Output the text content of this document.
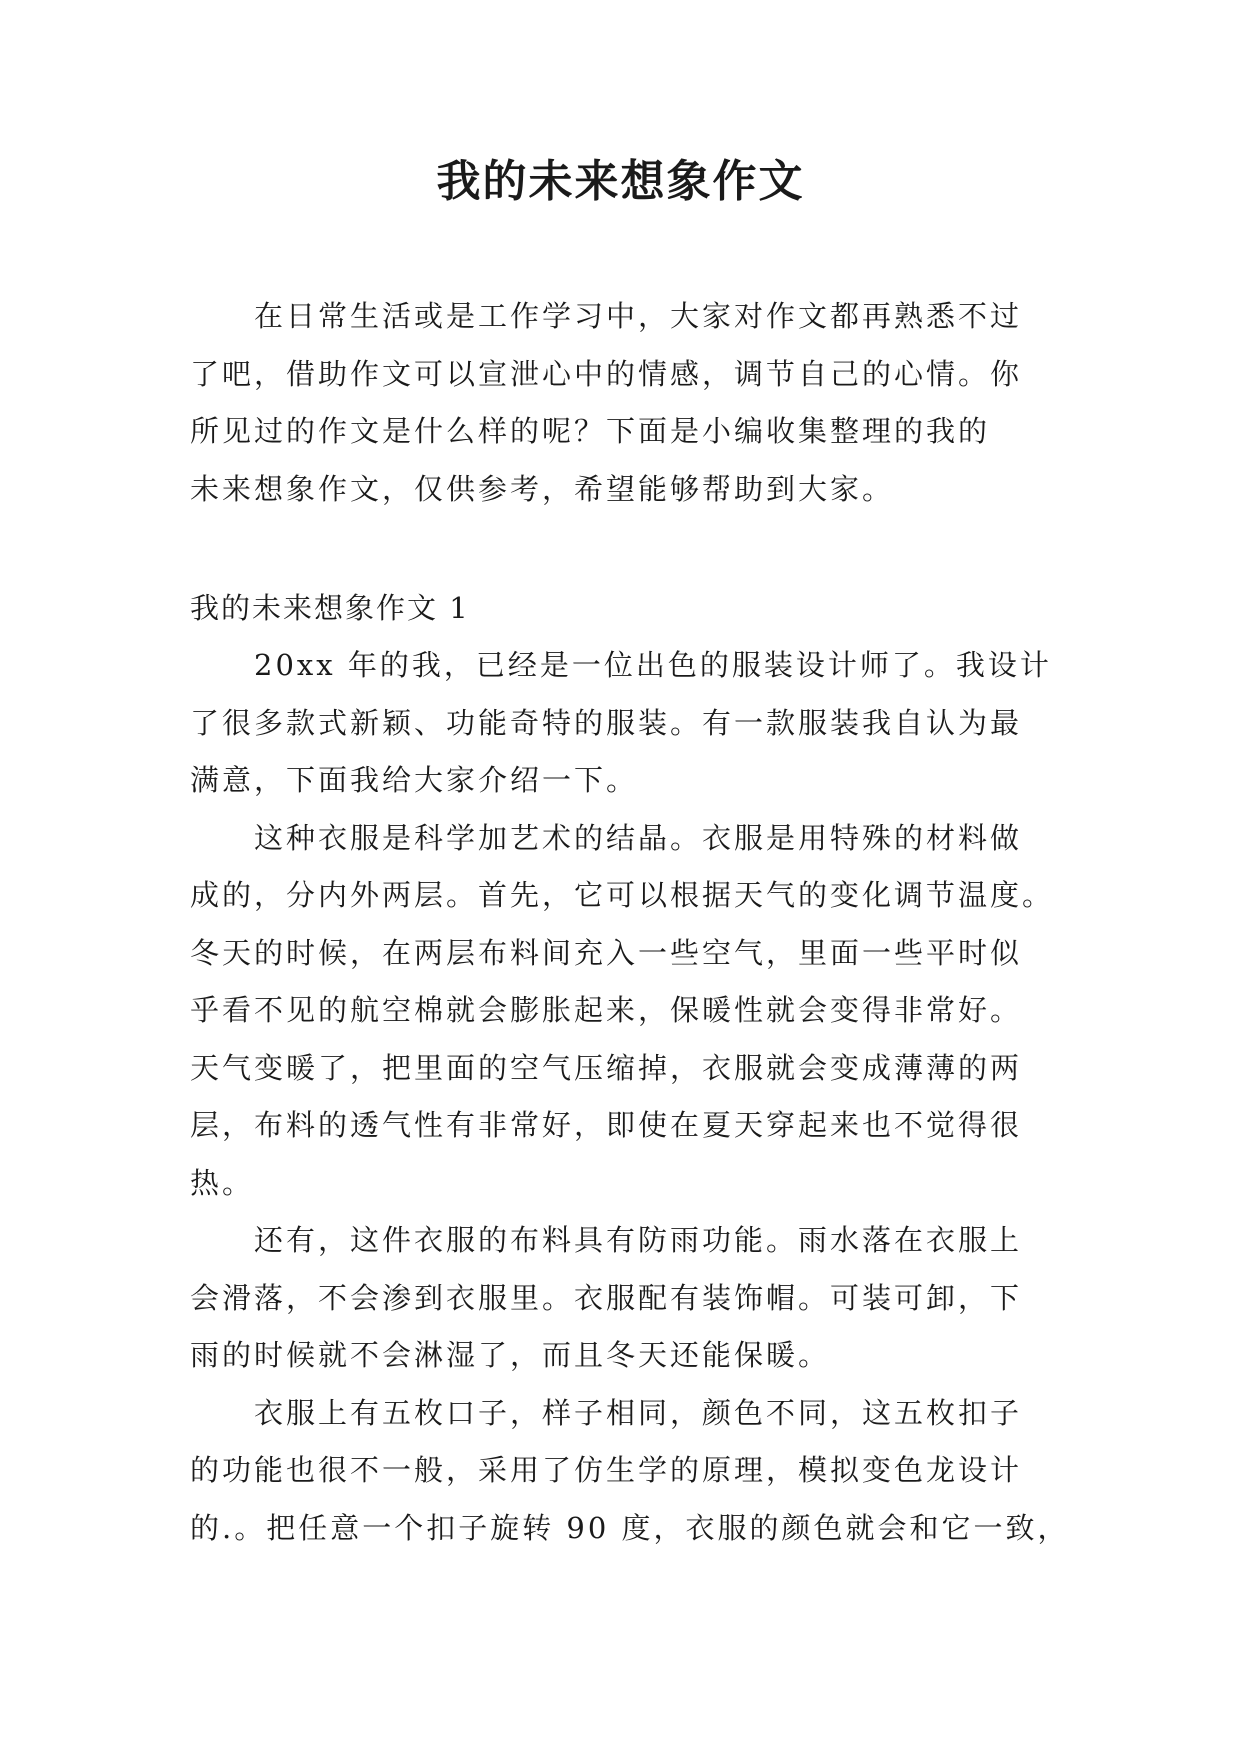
我的未来想象作文

在日常生活或是工作学习中，大家对作文都再熟悉不过
了吧，借助作文可以宣泄心中的情感，调节自己的心情。你
所见过的作文是什么样的呢？下面是小编收集整理的我的
未来想象作文，仅供参考，希望能够帮助到大家。

我的未来想象作文 1

20xx 年的我，已经是一位出色的服装设计师了。我设计
了很多款式新颖、功能奇特的服装。有一款服装我自认为最
满意，下面我给大家介绍一下。

这种衣服是科学加艺术的结晶。衣服是用特殊的材料做
成的，分内外两层。首先，它可以根据天气的变化调节温度。
冬天的时候，在两层布料间充入一些空气，里面一些平时似
乎看不见的航空棉就会膨胀起来，保暖性就会变得非常好。
天气变暖了，把里面的空气压缩掉，衣服就会变成薄薄的两
层，布料的透气性有非常好，即使在夏天穿起来也不觉得很
热。

还有，这件衣服的布料具有防雨功能。雨水落在衣服上
会滑落，不会渗到衣服里。衣服配有装饰帽。可装可卸，下
雨的时候就不会淋湿了，而且冬天还能保暖。

衣服上有五枚口子，样子相同，颜色不同，这五枚扣子
的功能也很不一般，采用了仿生学的原理，模拟变色龙设计
的.。把任意一个扣子旋转 90 度，衣服的颜色就会和它一致，
